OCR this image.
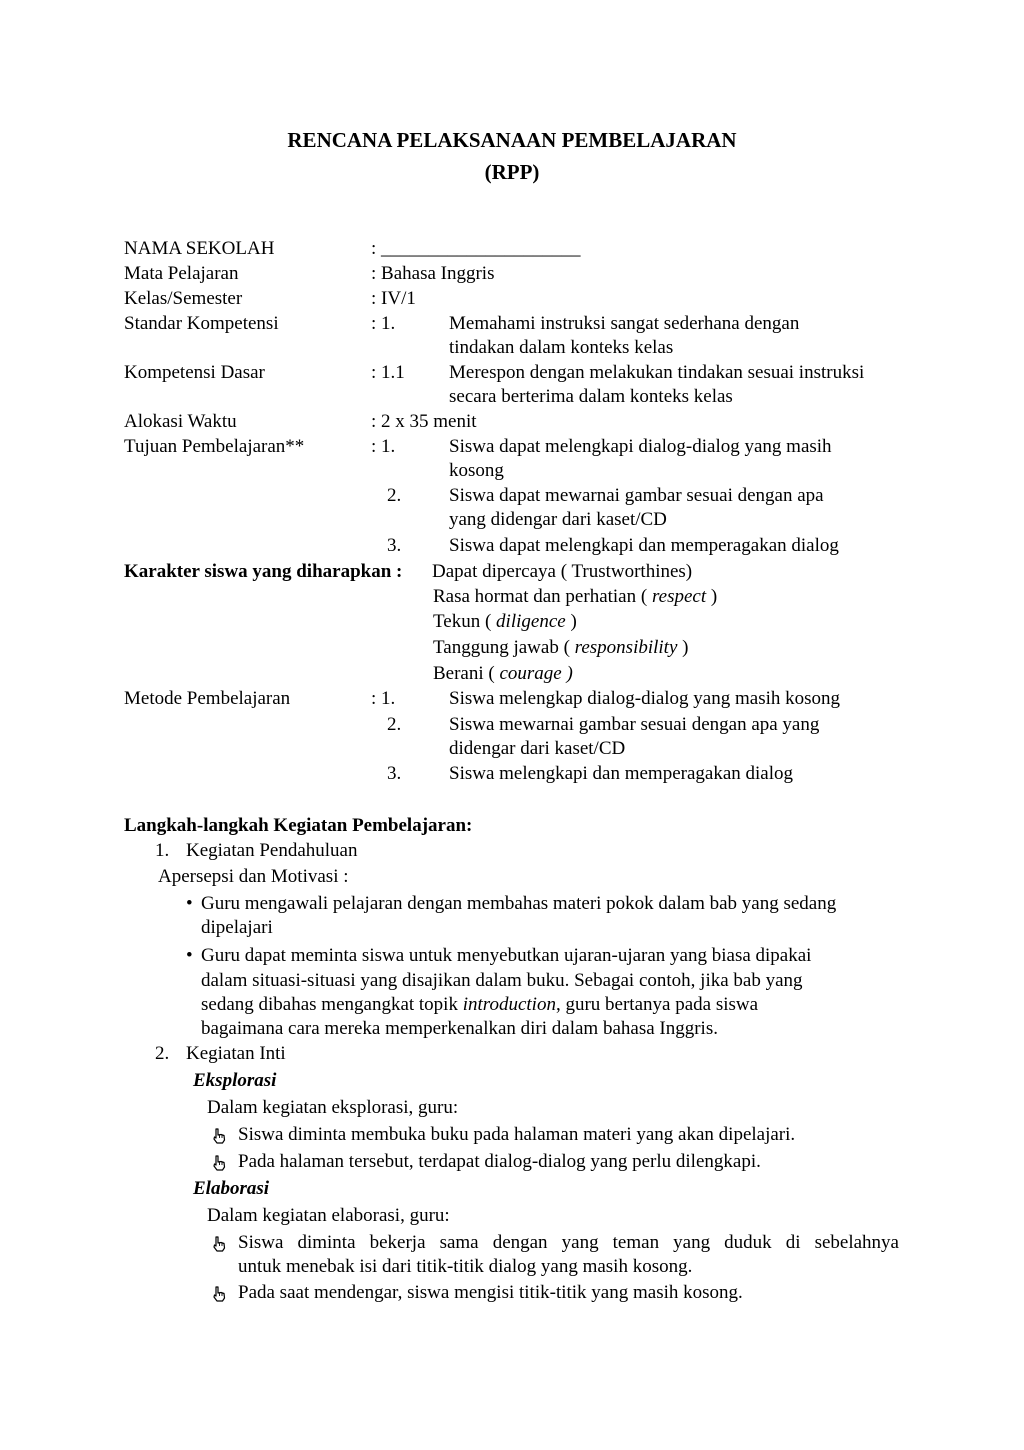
RENCANA PELAKSANAAN PEMBELAJARAN
(RPP)
NAMA SEKOLAH	: _____________________
Mata Pelajaran	: Bahasa Inggris
Kelas/Semester	: IV/1
Standar Kompetensi	: 1.	Memahami instruksi sangat sederhana dengan
tindakan dalam konteks kelas
Kompetensi Dasar	: 1.1 Merespon dengan melakukan tindakan sesuai instruksi
secara berterima dalam konteks kelas
Alokasi Waktu	: 2 x 35 menit
Tujuan Pembelajaran**	: 1.	Siswa dapat melengkapi dialog-dialog yang masih
kosong
2.	Siswa dapat mewarnai gambar sesuai dengan apa
yang didengar dari kaset/CD
3.	Siswa dapat melengkapi dan memperagakan dialog
Karakter siswa yang diharapkan : Dapat dipercaya ( Trustworthines)
Rasa hormat dan perhatian ( respect )
Tekun ( diligence )
Tanggung jawab ( responsibility )
Berani ( courage )
Metode Pembelajaran	: 1.	Siswa melengkap dialog-dialog yang masih kosong
2.	Siswa mewarnai gambar sesuai dengan apa yang
didengar dari kaset/CD
3.	Siswa melengkapi dan memperagakan dialog
Langkah-langkah Kegiatan Pembelajaran:
1. Kegiatan Pendahuluan
Apersepsi dan Motivasi :
• Guru mengawali pelajaran dengan membahas materi pokok dalam bab yang sedang
dipelajari
• Guru dapat meminta siswa untuk menyebutkan ujaran-ujaran yang biasa dipakai
dalam situasi-situasi yang disajikan dalam buku. Sebagai contoh, jika bab yang
sedang dibahas mengangkat topik introduction, guru bertanya pada siswa
bagaimana cara mereka memperkenalkan diri dalam bahasa Inggris.
2. Kegiatan Inti
Eksplorasi
Dalam kegiatan eksplorasi, guru:
Siswa diminta membuka buku pada halaman materi yang akan dipelajari.
Pada halaman tersebut, terdapat dialog-dialog yang perlu dilengkapi.
Elaborasi
Dalam kegiatan elaborasi, guru:
Siswa diminta bekerja sama dengan yang teman yang duduk di sebelahnya
untuk menebak isi dari titik-titik dialog yang masih kosong.
Pada saat mendengar, siswa mengisi titik-titik yang masih kosong.
